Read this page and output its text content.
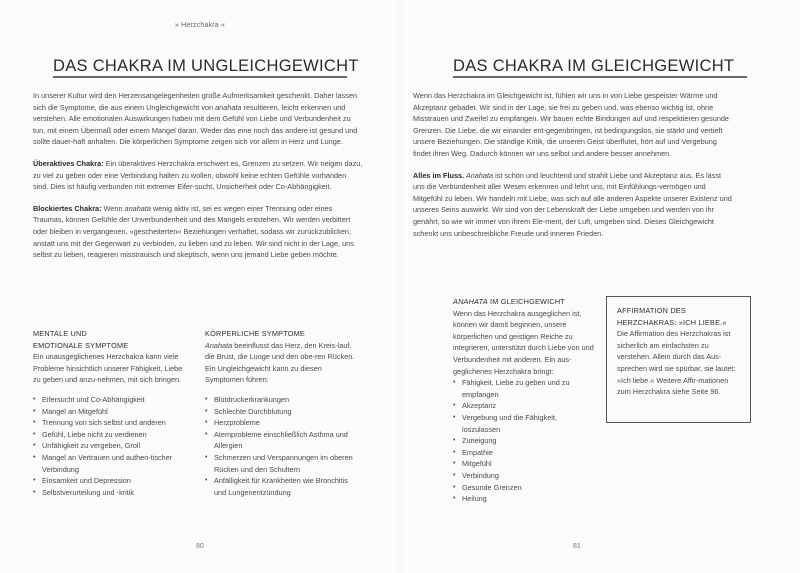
» Herzchakra «
DAS CHAKRA IM UNGLEICHGEWICHT

In unserer Kultur wird den Herzensangelegenheiten große Aufmerksamkeit geschenkt. Daher lassen sich die Symptome, die aus einem Ungleichgewicht von anahata resultieren, leicht erkennen und verstehen. Alle emotionalen Auswirkungen haben mit dem Gefühl von Liebe und Verbundenheit zu tun, mit einem Übermaß oder einem Mangel daran. Weder das eine noch das andere ist gesund und sollte dauer-haft anhalten. Die körperlichen Symptome zeigen sich vor allem in Herz und Lunge.

Überaktives Chakra: Ein überaktives Herzchakra erschwert es, Grenzen zu setzen. Wir neigen dazu, zu viel zu geben oder eine Verbindung halten zu wollen, obwohl keine echten Gefühle vorhanden sind. Dies ist häufig verbunden mit extremer Eifer-sucht, Unsicherheit oder Co-Abhängigkeit.

Blockiertes Chakra: Wenn anahata wenig aktiv ist, sei es wegen einer Trennung oder eines Traumas, können Gefühle der Unverbundenheit und des Mangels entstehen. Wir werden verbittert oder bleiben in vergangenen, »gescheiterten« Beziehungen verhaftet, sodass wir zurückzublicken, anstatt uns mit der Gegenwart zu verbinden, zu lieben und zu leben. Wir sind nicht in der Lage, uns selbst zu lieben, reagieren misstrauisch und skeptisch, wenn uns jemand Liebe geben möchte.

MENTALE UND
EMOTIONALE SYMPTOME

Ein unausgeglichenes Herzchakra kann viele Probleme hinsichtlich unserer Fähigkeit, Liebe zu geben und anzu-nehmen, mit sich bringen.

• Eifersucht und Co-Abhängigkeit
• Mangel an Mitgefühl
• Trennung von sich selbst und anderen
• Gefühl, Liebe nicht zu verdienen
• Unfähigkeit zu vergeben, Groll
• Mangel an Vertrauen und authen-tischer Verbindung
• Einsamkeit und Depression
• Selbstverurteilung und -kritik
KÖRPERLICHE SYMPTOME

Anahata beeinflusst das Herz, den Kreis-lauf, die Brust, die Lunge und den obe-ren Rücken. Ein Ungleichgewicht kann zu diesen Symptomen führen:

• Blutdruckerkrankungen
• Schlechte Durchblutung
• Herzprobleme
• Atemprobleme einschließlich Asthma und Allergien
• Schmerzen und Verspannungen im oberen Rücken und den Schultern
• Anfälligkeit für Krankheiten wie Bronchitis und Lungenentzündung
80
DAS CHAKRA IM GLEICHGEWICHT

Wenn das Herzchakra im Gleichgewicht ist, fühlen wir uns in von Liebe gespeister Wärme und Akzeptanz gebadet. Wir sind in der Lage, sie frei zu geben und, was ebenso wichtig ist, ohne Misstrauen und Zweifel zu empfangen. Wir bauen echte Bindungen auf und respektieren gesunde Grenzen. Die Liebe, die wir einander ent-gegenbringen, ist bedingungslos, sie stärkt und vertieft unsere Beziehungen. Die ständige Kritik, die unseren Geist überflutet, hört auf und Vergebung findet ihren Weg. Dadurch können wir uns selbst und andere besser annehmen.

Alles im Fluss. Anahata ist schön und leuchtend und strahlt Liebe und Akzeptanz aus. Es lässt uns die Verbundenheit aller Wesen erkennen und lehrt uns, mit Einfühlungs-vermögen und Mitgefühl zu leben. Wir handeln mit Liebe, was sich auf alle anderen Aspekte unserer Existenz und unseres Seins auswirkt. Wir sind von der Lebenskraft der Liebe umgeben und werden von ihr genährt, so wie wir immer von ihrem Ele-ment, der Luft, umgeben sind. Dieses Gleichgewicht schenkt uns unbeschreibliche Freude und inneren Frieden.

ANAHATA IM GLEICHGEWICHT

Wenn das Herzchakra ausgeglichen ist, können wir damit beginnen, unsere körperlichen und geistigen Reiche zu integrieren, unterstützt durch Liebe von und Verbundenheit mit anderen. Ein aus-geglichenes Herzchakra bringt:

• Fähigkeit, Liebe zu geben und zu empfangen
• Akzeptanz
• Vergebung und die Fähigkeit, loszulassen
• Zuneigung
• Empathie
• Mitgefühl
• Verbindung
• Gesunde Grenzen
• Heilung
AFFIRMATION DES
HERZCHAKRAS: »ICH LIEBE.«
Die Affirmation des Herzchakras ist sicherlich am einfachsten zu verstehen. Allein durch das Aus-sprechen wird sie spürbar, sie lautet: »Ich liebe.« Weitere Affir-mationen zum Herzchakra siehe Seite 96.
81
